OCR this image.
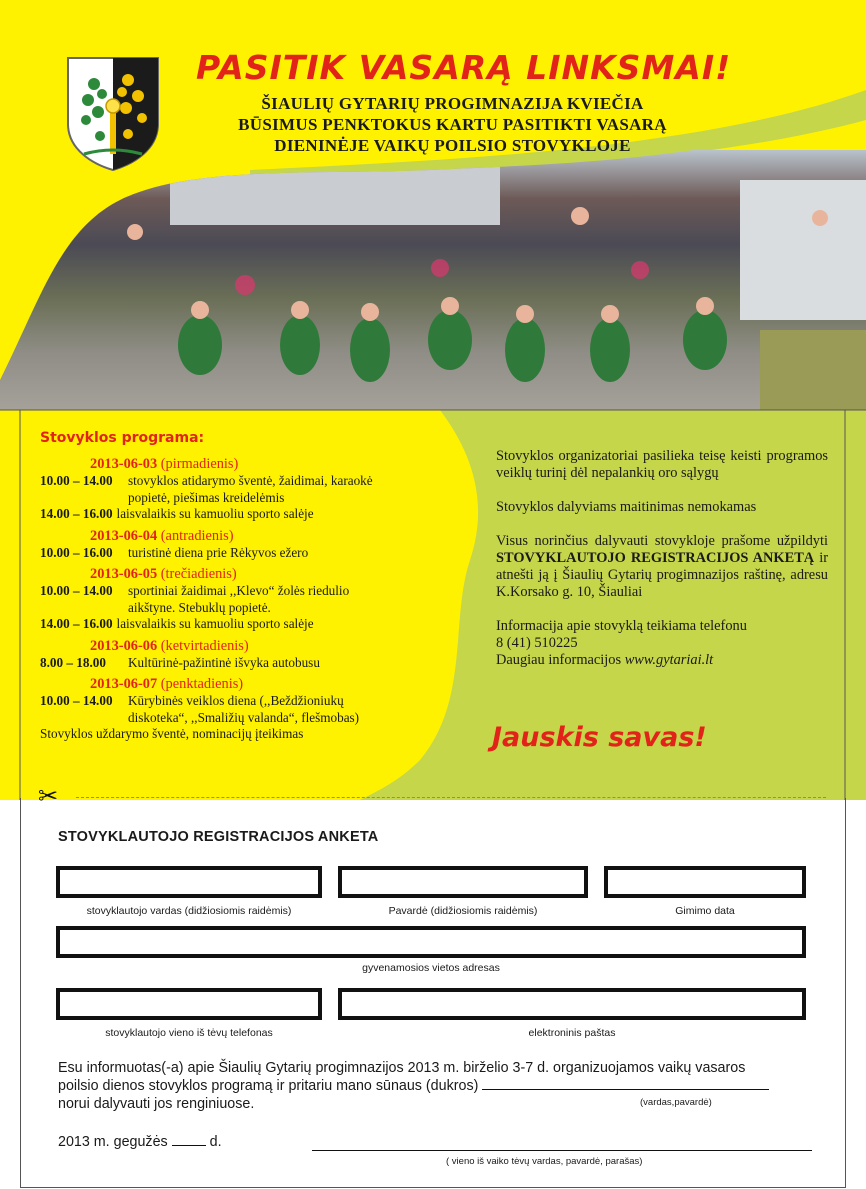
PASITIK VASARĄ LINKSMAI!
ŠIAULIŲ GYTARIŲ PROGIMNAZIJA KVIEČIA
BŪSIMUS PENKTOKUS KARTU PASITIKTI VASARĄ
DIENINĖJE VAIKŲ POILSIO STOVYKLOJE
Stovyklos programa:
2013-06-03 (pirmadienis)
10.00 – 14.00	stovyklos atidarymo šventė, žaidimai, karaokė
popietė, piešimas kreidelėmis
14.00 – 16.00 laisvalaikis su kamuoliu sporto salėje
2013-06-04 (antradienis)
10.00 – 16.00	turistinė diena prie Rėkyvos ežero
2013-06-05 (trečiadienis)
10.00 – 14.00	sportiniai žaidimai ,,Klevo“ žolės riedulio
aikštyne. Stebuklų popietė.
14.00 – 16.00 laisvalaikis su kamuoliu sporto salėje
2013-06-06 (ketvirtadienis)
8.00 – 18.00	Kultūrinė-pažintinė išvyka autobusu
2013-06-07 (penktadienis)
10.00 – 14.00	Kūrybinės veiklos diena (,,Beždžioniukų
diskoteka“, ,,Smaližių valanda“, flešmobas)
Stovyklos uždarymo šventė, nominacijų įteikimas

Stovyklos organizatoriai pasilieka teisę keisti programos veiklų turinį dėl nepalankių oro sąlygų

Stovyklos dalyviams maitinimas nemokamas

Visus norinčius dalyvauti stovykloje prašome užpildyti STOVYKLAUTOJO REGISTRACIJOS ANKETĄ ir atnešti ją į Šiaulių Gytarių progimnazijos raštinę, adresu K.Korsako g. 10, Šiauliai

Informacija apie stovyklą teikiama telefonu
8 (41) 510225
Daugiau informacijos www.gytariai.lt

Jauskis savas!
✂
STOVYKLAUTOJO REGISTRACIJOS ANKETA
stovyklautojo vardas (didžiosiomis raidėmis)	Pavardė (didžiosiomis raidėmis)	Gimimo data
gyvenamosios vietos adresas
stovyklautojo vieno iš tėvų telefonas	elektroninis paštas
Esu informuotas(-a) apie Šiaulių Gytarių progimnazijos 2013 m. birželio 3-7 d. organizuojamos vaikų vasaros
poilsio dienos stovyklos programą ir pritariu mano sūnaus (dukros)
norui dalyvauti jos renginiuose.	(vardas,pavardė)
2013 m. gegužės  d.
( vieno iš vaiko tėvų vardas, pavardė, parašas)
